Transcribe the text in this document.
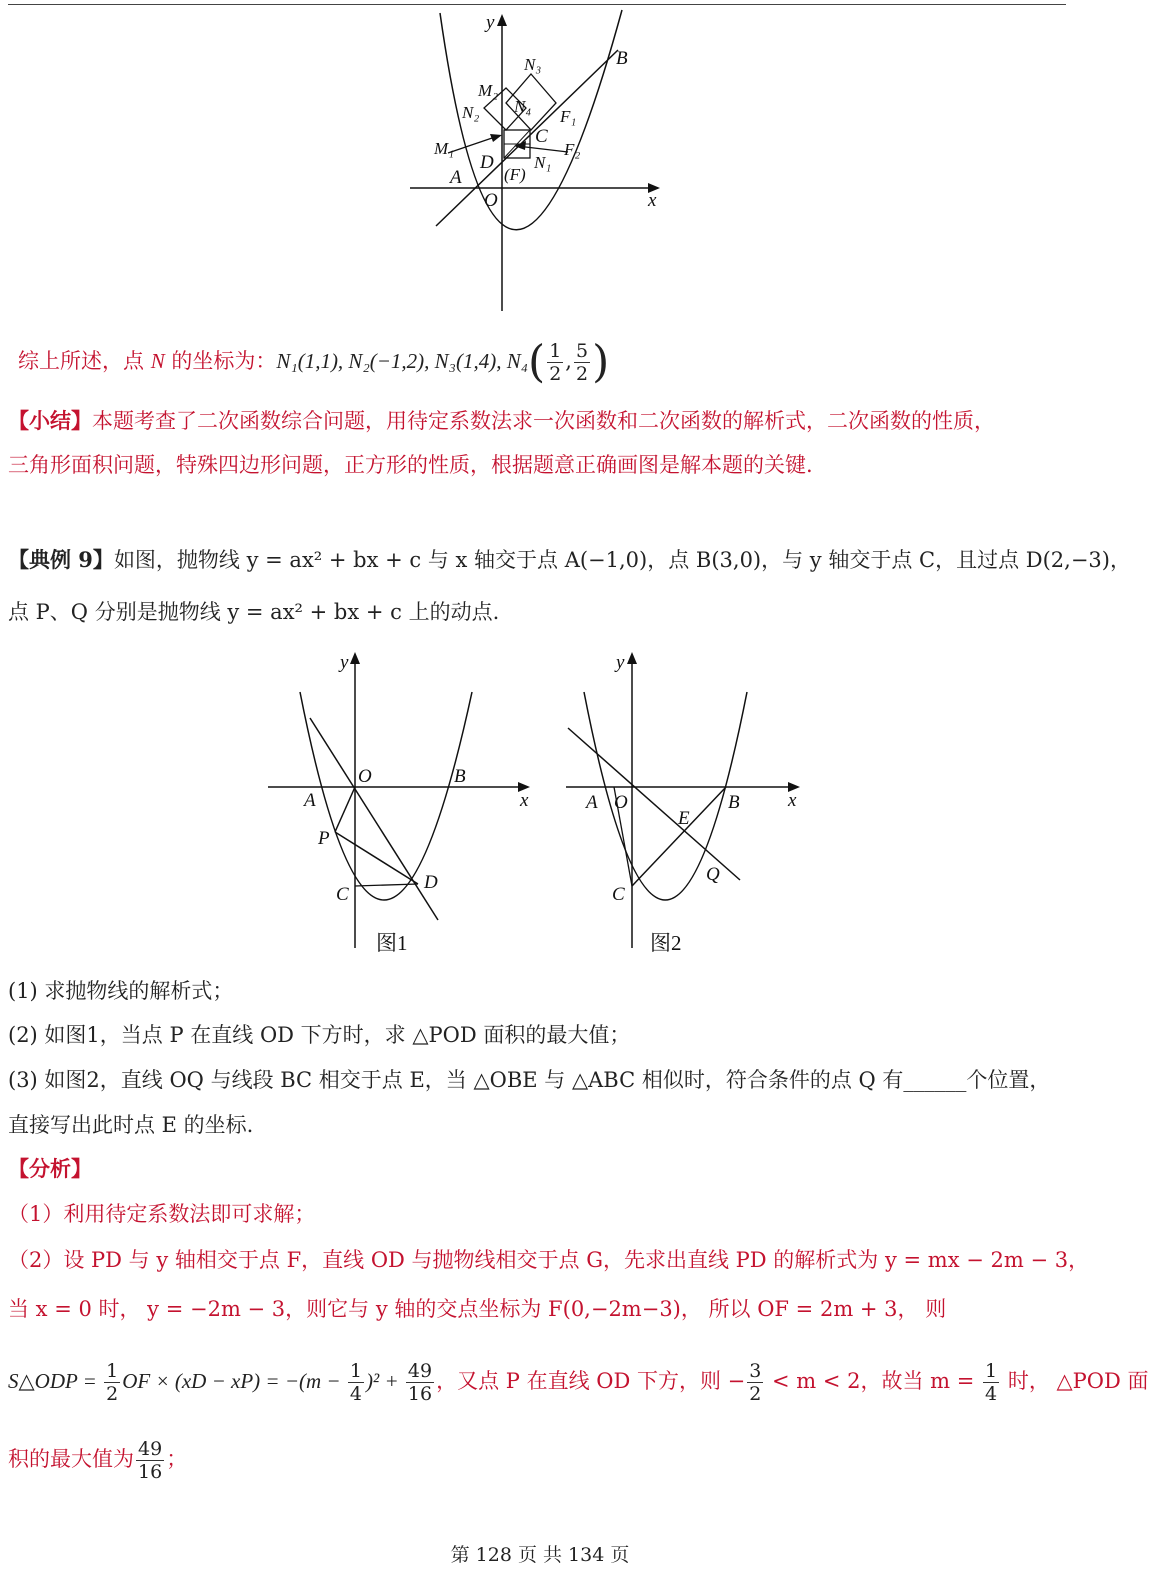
y
x
O
A
B
C
D
(F)
N₁
N₂
N₃
N₄
M₁
M₂
F₁
F₂
综上所述，点 N 的坐标为：N₁(1,1), N₂(−1,2), N₃(1,4), $N_4( \frac{1}{2}$ , $\frac{5}{2}$ )
【小结】本题考查了二次函数综合问题，用待定系数法求一次函数和二次函数的解析式，二次函数的性质，
三角形面积问题，特殊四边形问题，正方形的性质，根据题意正确画图是解本题的关键.
【典例 9】如图，抛物线 y = ax² + bx + c 与 x 轴交于点 A(−1,0)，点 B(3,0)，与 y 轴交于点 C，且过点 D(2,−3)，
点 P、Q 分别是抛物线 y = ax² + bx + c 上的动点.
y
x
O
A
B
P
C
D
图1
y
x
O
A	B
E
C
Q
图2
(1) 求抛物线的解析式；
(2) 如图1，当点 P 在直线 OD 下方时，求 △POD 面积的最大值；
(3) 如图2，直线 OQ 与线段 BC 相交于点 E，当 △OBE 与 △ABC 相似时，符合条件的点 Q 有______个位置，
直接写出此时点 E 的坐标.
【分析】
（1）利用待定系数法即可求解；
（2）设 PD 与 y 轴相交于点 F，直线 OD 与抛物线相交于点 G，先求出直线 PD 的解析式为 y = mx − 2m − 3，
当 x = 0 时， y = −2m − 3，则它与 y 轴的交点坐标为 F(0,−2m−3)， 所以 OF = 2m + 3， 则
S△ODP = $\frac{1}{2}$ OF × $(xD - xP) = -(m - \frac{1}{4} )^2 + \frac{49}{16}$ ，又点 P 在直线 OD 下方，则 − $\frac{3}{2} < m < 2$，故当 $m = \frac{1}{4}$ 时， △POD 面
积的最大值为 $\frac{49}{16}$ ；
第 128 页 共 134 页
